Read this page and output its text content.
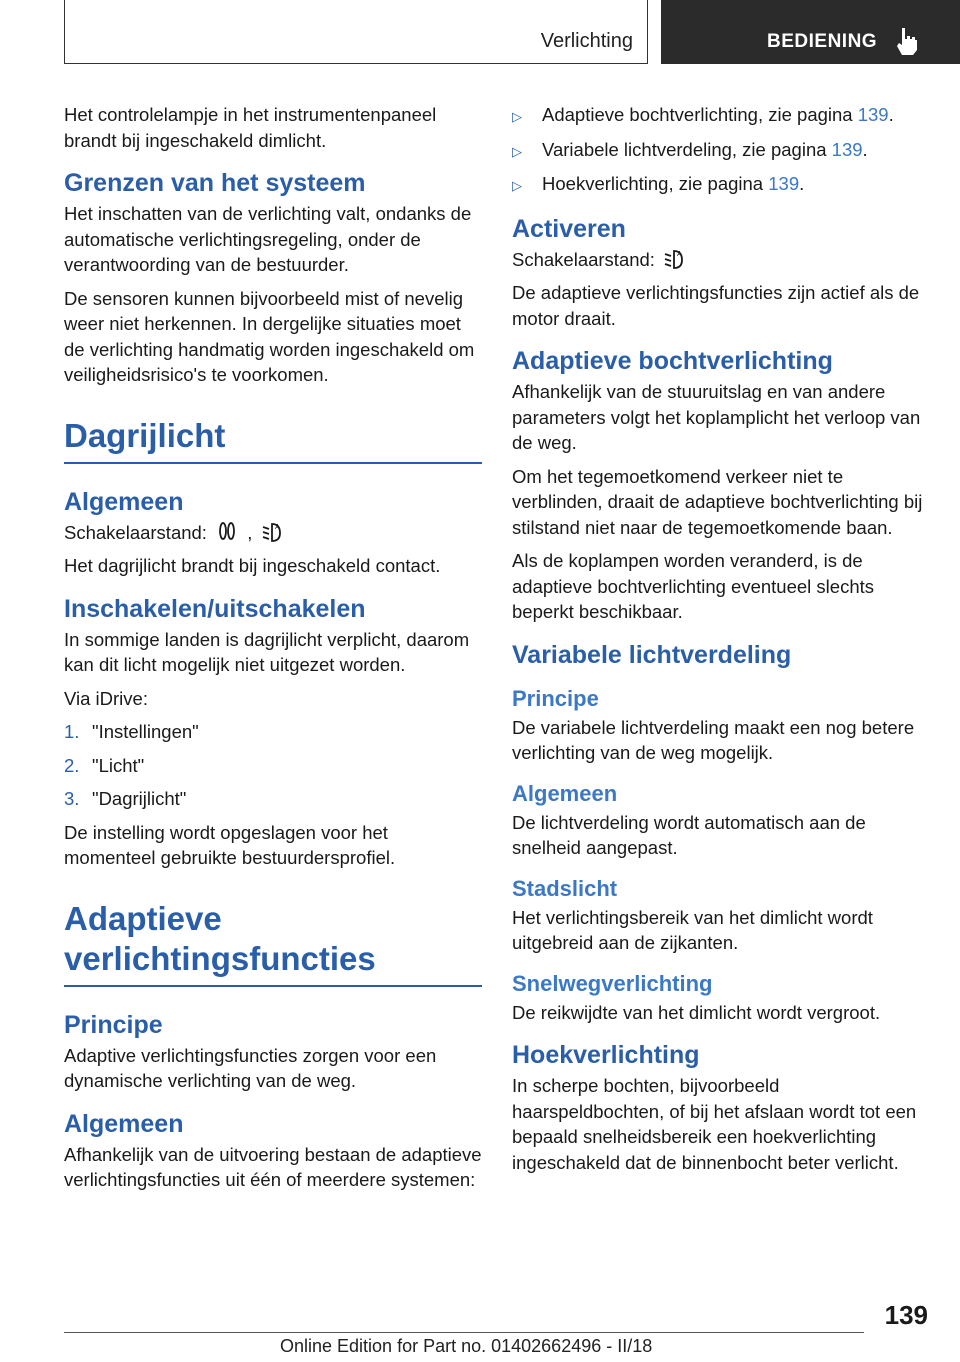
Verlichting	BEDIENING

Het controlelampje in het instrumentenpaneel brandt bij ingeschakeld dimlicht.

Grenzen van het systeem

Het inschatten van de verlichting valt, ondanks de automatische verlichtingsregeling, onder de verantwoording van de bestuurder.

De sensoren kunnen bijvoorbeeld mist of nevelig weer niet herkennen. In dergelijke situaties moet de verlichting handmatig worden ingeschakeld om veiligheidsrisico's te voorkomen.

Dagrijlicht
Algemeen

Schakelaarstand: ,	A

Het dagrijlicht brandt bij ingeschakeld contact.

Inschakelen/uitschakelen

In sommige landen is dagrijlicht verplicht, daarom kan dit licht mogelijk niet uitgezet worden.

Via iDrive:

1. "Instellingen"
2. "Licht"
3. "Dagrijlicht"

De instelling wordt opgeslagen voor het momenteel gebruikte bestuurdersprofiel.

Adaptieve verlichtingsfuncties
Principe

Adaptive verlichtingsfuncties zorgen voor een dynamische verlichting van de weg.

Algemeen

Afhankelijk van de uitvoering bestaan de adaptieve verlichtingsfuncties uit één of meerdere systemen:

▷	Adaptieve bochtverlichting, zie pagina 139.
▷	Variabele lichtverdeling, zie pagina 139.
▷	Hoekverlichting, zie pagina 139.
Activeren

Schakelaarstand:	A

De adaptieve verlichtingsfuncties zijn actief als de motor draait.

Adaptieve bochtverlichting

Afhankelijk van de stuuruitslag en van andere parameters volgt het koplamplicht het verloop van de weg.

Om het tegemoetkomend verkeer niet te verblinden, draait de adaptieve bochtverlichting bij stilstand niet naar de tegemoetkomende baan.

Als de koplampen worden veranderd, is de adaptieve bochtverlichting eventueel slechts beperkt beschikbaar.

Variabele lichtverdeling
Principe

De variabele lichtverdeling maakt een nog betere verlichting van de weg mogelijk.

Algemeen

De lichtverdeling wordt automatisch aan de snelheid aangepast.

Stadslicht

Het verlichtingsbereik van het dimlicht wordt uitgebreid aan de zijkanten.

Snelwegverlichting

De reikwijdte van het dimlicht wordt vergroot.

Hoekverlichting

In scherpe bochten, bijvoorbeeld haarspeldbochten, of bij het afslaan wordt tot een bepaald snelheidsbereik een hoekverlichting ingeschakeld dat de binnenbocht beter verlicht.

139
Online Edition for Part no. 01402662496 - II/18
